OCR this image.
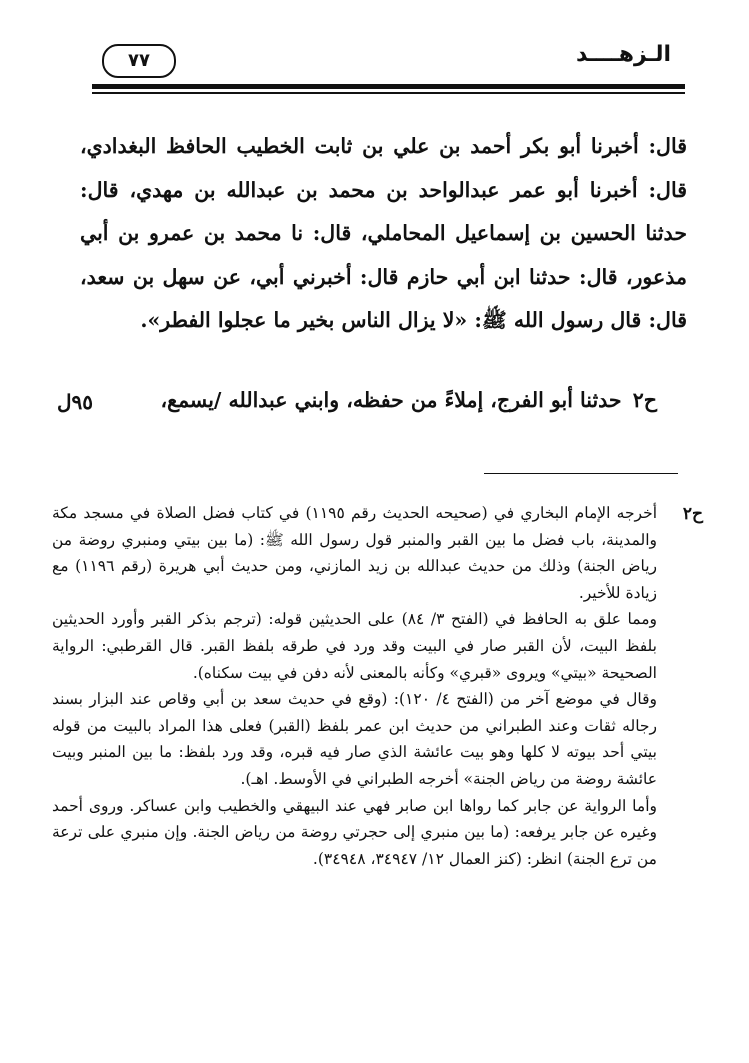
الـزهــــد
٧٧

قال: أخبرنا أبو بكر أحمد بن علي بن ثابت الخطيب الحافظ البغدادي، قال: أخبرنا أبو عمر عبدالواحد بن محمد بن عبدالله بن مهدي، قال: حدثنا الحسين بن إسماعيل المحاملي، قال: نا محمد بن عمرو بن أبي مذعور، قال: حدثنا ابن أبي حازم قال: أخبرني أبي، عن سهل بن سعد، قال: قال رسول الله ﷺ: «لا يزال الناس بخير ما عجلوا الفطر».

ح٢ حدثنا أبو الفرج، إملاءً من حفظه، وابني عبدالله /يسمع،
٩٥ل
ح٢

أخرجه الإمام البخاري في (صحيحه الحديث رقم ١١٩٥) في كتاب فضل الصلاة في مسجد مكة والمدينة، باب فضل ما بين القبر والمنبر قول رسول الله ﷺ: (ما بين بيتي ومنبري روضة من رياض الجنة) وذلك من حديث عبدالله بن زيد المازني، ومن حديث أبي هريرة (رقم ١١٩٦) مع زيادة للأخير.

ومما علق به الحافظ في (الفتح ٣/ ٨٤) على الحديثين قوله: (ترجم بذكر القبر وأورد الحديثين بلفظ البيت، لأن القبر صار في البيت وقد ورد في طرقه بلفظ القبر. قال القرطبي: الرواية الصحيحة «بيتي» ويروى «قبري» وكأنه بالمعنى لأنه دفن في بيت سكناه).

وقال في موضع آخر من (الفتح ٤/ ١٢٠): (وقع في حديث سعد بن أبي وقاص عند البزار بسند رجاله ثقات وعند الطبراني من حديث ابن عمر بلفظ (القبر) فعلى هذا المراد بالبيت من قوله بيتي أحد بيوته لا كلها وهو بيت عائشة الذي صار فيه قبره، وقد ورد بلفظ: ما بين المنبر وبيت عائشة روضة من رياض الجنة» أخرجه الطبراني في الأوسط. اهـ).

وأما الرواية عن جابر كما رواها ابن صابر فهي عند البيهقي والخطيب وابن عساكر. وروى أحمد وغيره عن جابر يرفعه: (ما بين منبري إلى حجرتي روضة من رياض الجنة. وإن منبري على ترعة من ترع الجنة) انظر: (كنز العمال ١٢/ ٣٤٩٤٧، ٣٤٩٤٨).
